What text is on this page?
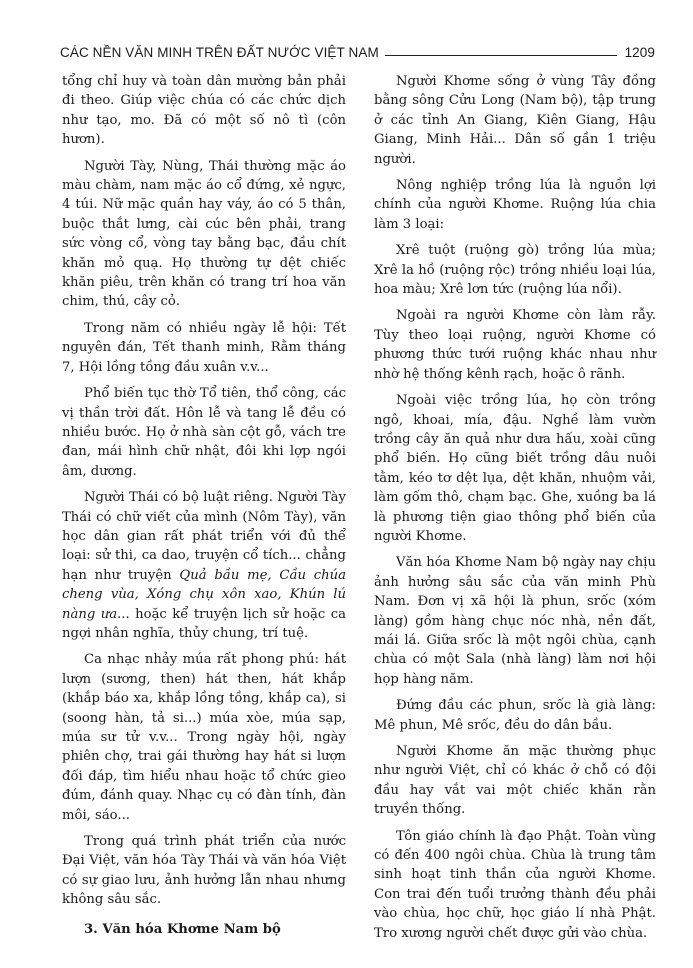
CÁC NỀN VĂN MINH TRÊN ĐẤT NƯỚC VIỆT NAM	1209

tổng chỉ huy và toàn dân mường bản phải đi theo. Giúp việc chúa có các chức dịch như tạo, mo. Đã có một số nô tì (côn hươn).

Người Tày, Nùng, Thái thường mặc áo màu chàm, nam mặc áo cổ đứng, xẻ ngực, 4 túi. Nữ mặc quần hay váy, áo có 5 thân, buộc thắt lưng, cài cúc bên phải, trang sức vòng cổ, vòng tay bằng bạc, đầu chít khăn mỏ quạ. Họ thường tự dệt chiếc khăn piêu, trên khăn có trang trí hoa văn chim, thú, cây cỏ.

Trong năm có nhiều ngày lễ hội: Tết nguyên đán, Tết thanh minh, Rằm tháng 7, Hội lồng tồng đầu xuân v.v...

Phổ biến tục thờ Tổ tiên, thổ công, các vị thần trời đất. Hôn lễ và tang lễ đều có nhiều bước. Họ ở nhà sàn cột gỗ, vách tre đan, mái hình chữ nhật, đôi khi lợp ngói âm, dương.

Người Thái có bộ luật riêng. Người Tày Thái có chữ viết của mình (Nôm Tày), văn học dân gian rất phát triển với đủ thể loại: sử thi, ca dao, truyện cổ tích... chẳng hạn như truyện Quả bầu mẹ, Cầu chúa cheng vùa, Xóng chụ xôn xao, Khún lú nàng ưa... hoặc kể truyện lịch sử hoặc ca ngợi nhân nghĩa, thủy chung, trí tuệ.

Ca nhạc nhảy múa rất phong phú: hát lượn (sương, then) hát then, hát khắp (khắp báo xa, khắp lồng tồng, khắp ca), si (soong hàn, tả si...) múa xòe, múa sạp, múa sư tử v.v... Trong ngày hội, ngày phiên chợ, trai gái thường hay hát si lượn đối đáp, tìm hiểu nhau hoặc tổ chức gieo đúm, đánh quay. Nhạc cụ có đàn tính, đàn môi, sáo...

Trong quá trình phát triển của nước Đại Việt, văn hóa Tày Thái và văn hóa Việt có sự giao lưu, ảnh hưởng lẫn nhau nhưng không sâu sắc.

3. Văn hóa Khơme Nam bộ

Người Khơme sống ở vùng Tây đồng bằng sông Cửu Long (Nam bộ), tập trung ở các tỉnh An Giang, Kiên Giang, Hậu Giang, Minh Hải... Dân số gần 1 triệu người.

Nông nghiệp trồng lúa là nguồn lợi chính của người Khơme. Ruộng lúa chia làm 3 loại:

Xrê tuột (ruộng gò) trồng lúa mùa; Xrê la hồ (ruộng rộc) trồng nhiều loại lúa, hoa màu; Xrê lơn tức (ruộng lúa nổi).

Ngoài ra người Khơme còn làm rẫy. Tùy theo loại ruộng, người Khơme có phương thức tưới ruộng khác nhau như nhờ hệ thống kênh rạch, hoặc ô rãnh.

Ngoài việc trồng lúa, họ còn trồng ngô, khoai, mía, đậu. Nghề làm vườn trồng cây ăn quả như dưa hấu, xoài cũng phổ biến. Họ cũng biết trồng dâu nuôi tằm, kéo tơ dệt lụa, dệt khăn, nhuộm vải, làm gốm thô, chạm bạc. Ghe, xuồng ba lá là phương tiện giao thông phổ biến của người Khơme.

Văn hóa Khơme Nam bộ ngày nay chịu ảnh hưởng sâu sắc của văn minh Phù Nam. Đơn vị xã hội là phun, srốc (xóm làng) gồm hàng chục nóc nhà, nền đất, mái lá. Giữa srốc là một ngôi chùa, cạnh chùa có một Sala (nhà làng) làm nơi hội họp hàng năm.

Đứng đầu các phun, srốc là già làng: Mê phun, Mê srốc, đều do dân bầu.

Người Khơme ăn mặc thường phục như người Việt, chỉ có khác ở chỗ có đội đầu hay vắt vai một chiếc khăn rằn truyền thống.

Tôn giáo chính là đạo Phật. Toàn vùng có đến 400 ngôi chùa. Chùa là trung tâm sinh hoạt tinh thần của người Khơme. Con trai đến tuổi trưởng thành đều phải vào chùa, học chữ, học giáo lí nhà Phật. Tro xương người chết được gửi vào chùa.
